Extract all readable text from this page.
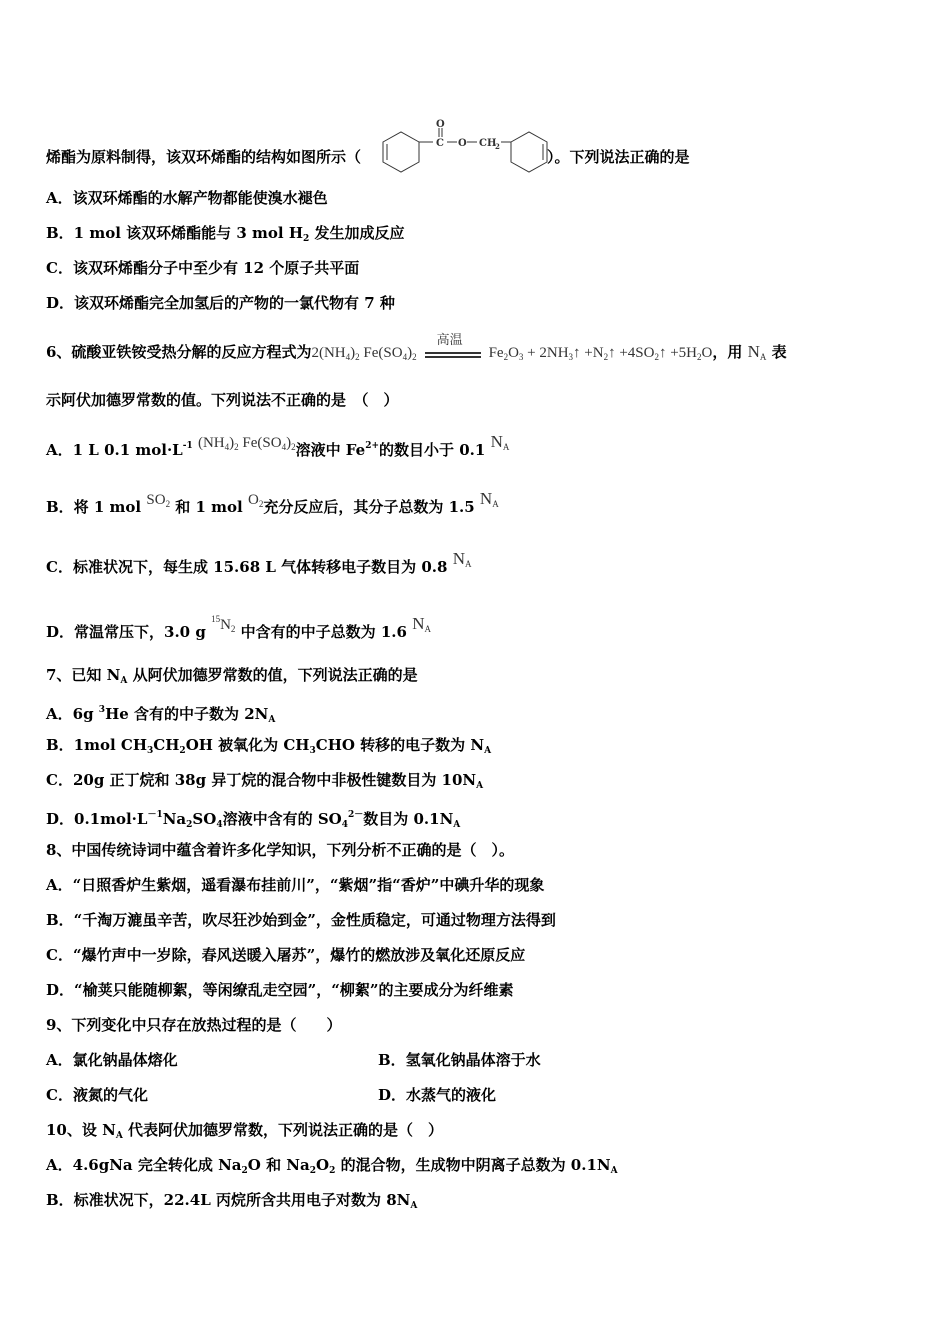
烯酯为原料制得，该双环烯酯的结构如图所示（
O
C O CH
2
）。下列说法正确的是
A．该双环烯酯的水解产物都能使溴水褪色
B．1 mol 该双环烯酯能与 3 mol $H_2$ 发生加成反应
C．该双环烯酯分子中至少有 12 个原子共平面
D．该双环烯酯完全加氢后的产物的一氯代物有 7 种
6、硫酸亚铁铵受热分解的反应方程式为$2(NH_4)_2$ $Fe(SO_4)_2$
高温
$Fe_2O_3$ + $2NH_3↑$ $+N_2↑$ $+4SO_2↑ +5H_2O$，用 $N_A$ 表
示阿伏加德罗常数的值。下列说法不正确的是　（　）
A．1 L 0.1 $mol\cdot L^{-1}$ $(NH_4)_2$ $Fe(SO_4)_2$溶液中 $Fe^{2+}$的数目小于 0.1 $N_A$
B．将 1 mol $SO_2$ 和 1 mol $O_2$充分反应后，其分子总数为 1.5 $N_A$
C．标准状况下，每生成 15.68 L 气体转移电子数目为 0.8 $N_A$
D．常温常压下，3.0 g $^{15}N_2$ 中含有的中子总数为 1.6 $N_A$
7、已知 $N_A$ 从阿伏加德罗常数的值，下列说法正确的是
A．6g $^3$He 含有的中子数为 $2N_A$
B．1mol $CH_3CH_2OH$ 被氧化为 $CH_3CHO$ 转移的电子数为 $N_A$
C．20g 正丁烷和 38g 异丁烷的混合物中非极性键数目为 $10N_A$
D．$0.1mol\cdot L^{-1}Na_2SO_4$溶液中含有的 $SO_4^{2-}$数目为 $0.1N_A$
8、中国传统诗词中蕴含着许多化学知识，下列分析不正确的是（　）。
A．“日照香炉生紫烟，遥看瀑布挂前川”，“紫烟”指“香炉”中碘升华的现象
B．“千淘万漉虽辛苦，吹尽狂沙始到金”，金性质稳定，可通过物理方法得到
C．“爆竹声中一岁除，春风送暖入屠苏”，爆竹的燃放涉及氧化还原反应
D．“榆荚只能随柳絮，等闲缭乱走空园”，“柳絮”的主要成分为纤维素
9、下列变化中只存在放热过程的是（　　）
A．氯化钠晶体熔化	B．氢氧化钠晶体溶于水
C．液氮的气化	D．水蒸气的液化
10、设 $N_A$ 代表阿伏加德罗常数，下列说法正确的是（　）
A．4.6gNa 完全转化成 $Na_2O$ 和 $Na_2O_2$ 的混合物，生成物中阴离子总数为 $0.1N_A$
B．标准状况下，22.4L 丙烷所含共用电子对数为 $8N_A$
